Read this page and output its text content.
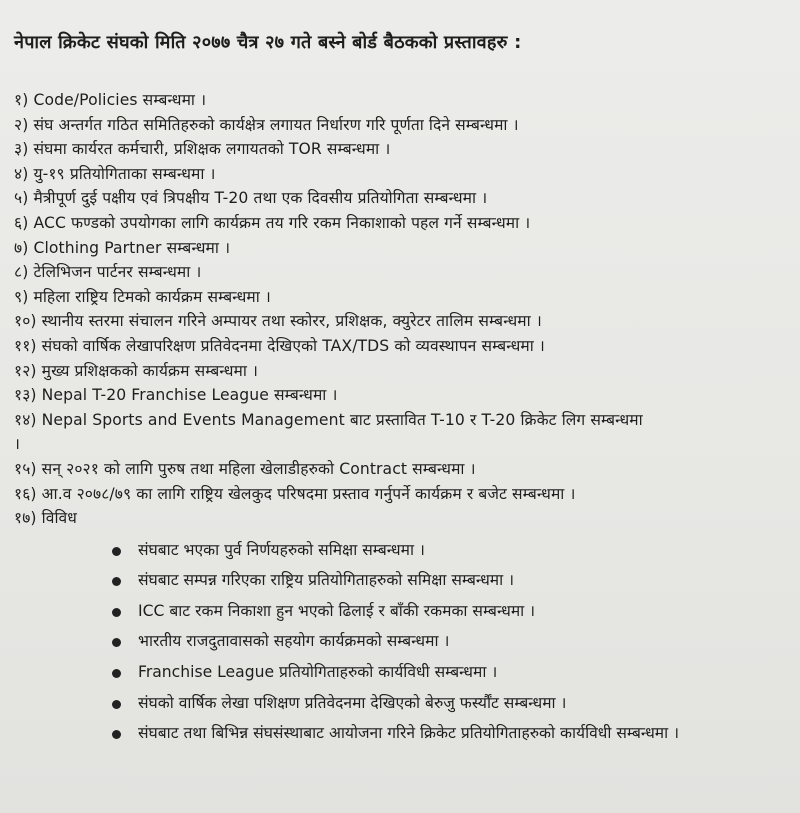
नेपाल क्रिकेट संघको मिति २०७७ चैत्र २७ गते बस्ने बोर्ड बैठकको प्रस्तावहरु :
१) Code/Policies सम्बन्धमा ।
२) संघ अन्तर्गत गठित समितिहरुको कार्यक्षेत्र लगायत निर्धारण गरि पूर्णता दिने सम्बन्धमा ।
३) संघमा कार्यरत कर्मचारी, प्रशिक्षक लगायतको TOR सम्बन्धमा ।
४) यु-१९ प्रतियोगिताका सम्बन्धमा ।
५) मैत्रीपूर्ण दुई पक्षीय एवं त्रिपक्षीय T-20 तथा एक दिवसीय प्रतियोगिता सम्बन्धमा ।
६) ACC फण्डको उपयोगका लागि कार्यक्रम तय गरि रकम निकाशाको पहल गर्ने सम्बन्धमा ।
७) Clothing Partner सम्बन्धमा ।
८) टेलिभिजन पार्टनर सम्बन्धमा ।
९) महिला राष्ट्रिय टिमको कार्यक्रम सम्बन्धमा ।
१०) स्थानीय स्तरमा संचालन गरिने अम्पायर तथा स्कोरर, प्रशिक्षक, क्युरेटर तालिम सम्बन्धमा ।
११) संघको वार्षिक लेखापरिक्षण प्रतिवेदनमा देखिएको TAX/TDS को व्यवस्थापन सम्बन्धमा ।
१२) मुख्य प्रशिक्षकको कार्यक्रम सम्बन्धमा ।
१३) Nepal T-20 Franchise League सम्बन्धमा ।
१४) Nepal Sports and Events Management बाट प्रस्तावित T-10 र T-20 क्रिकेट लिग सम्बन्धमा
।
१५) सन् २०२१ को लागि पुरुष तथा महिला खेलाडीहरुको Contract सम्बन्धमा ।
१६) आ.व २०७८/७९ का लागि राष्ट्रिय खेलकुद परिषदमा प्रस्ताव गर्नुपर्ने कार्यक्रम र बजेट सम्बन्धमा ।
१७) विविध
संघबाट भएका पुर्व निर्णयहरुको समिक्षा सम्बन्धमा ।
संघबाट सम्पन्न गरिएका राष्ट्रिय प्रतियोगिताहरुको समिक्षा सम्बन्धमा ।
ICC बाट रकम निकाशा हुन भएको ढिलाई र बाँकी रकमका सम्बन्धमा ।
भारतीय राजदुतावासको सहयोग कार्यक्रमको सम्बन्धमा ।
Franchise League प्रतियोगिताहरुको कार्यविधी सम्बन्धमा ।
संघको वार्षिक लेखा पशिक्षण प्रतिवेदनमा देखिएको बेरुजु फर्स्यौंट सम्बन्धमा ।
संघबाट तथा बिभिन्न संघसंस्थाबाट आयोजना गरिने क्रिकेट प्रतियोगिताहरुको कार्यविधी सम्बन्धमा ।
